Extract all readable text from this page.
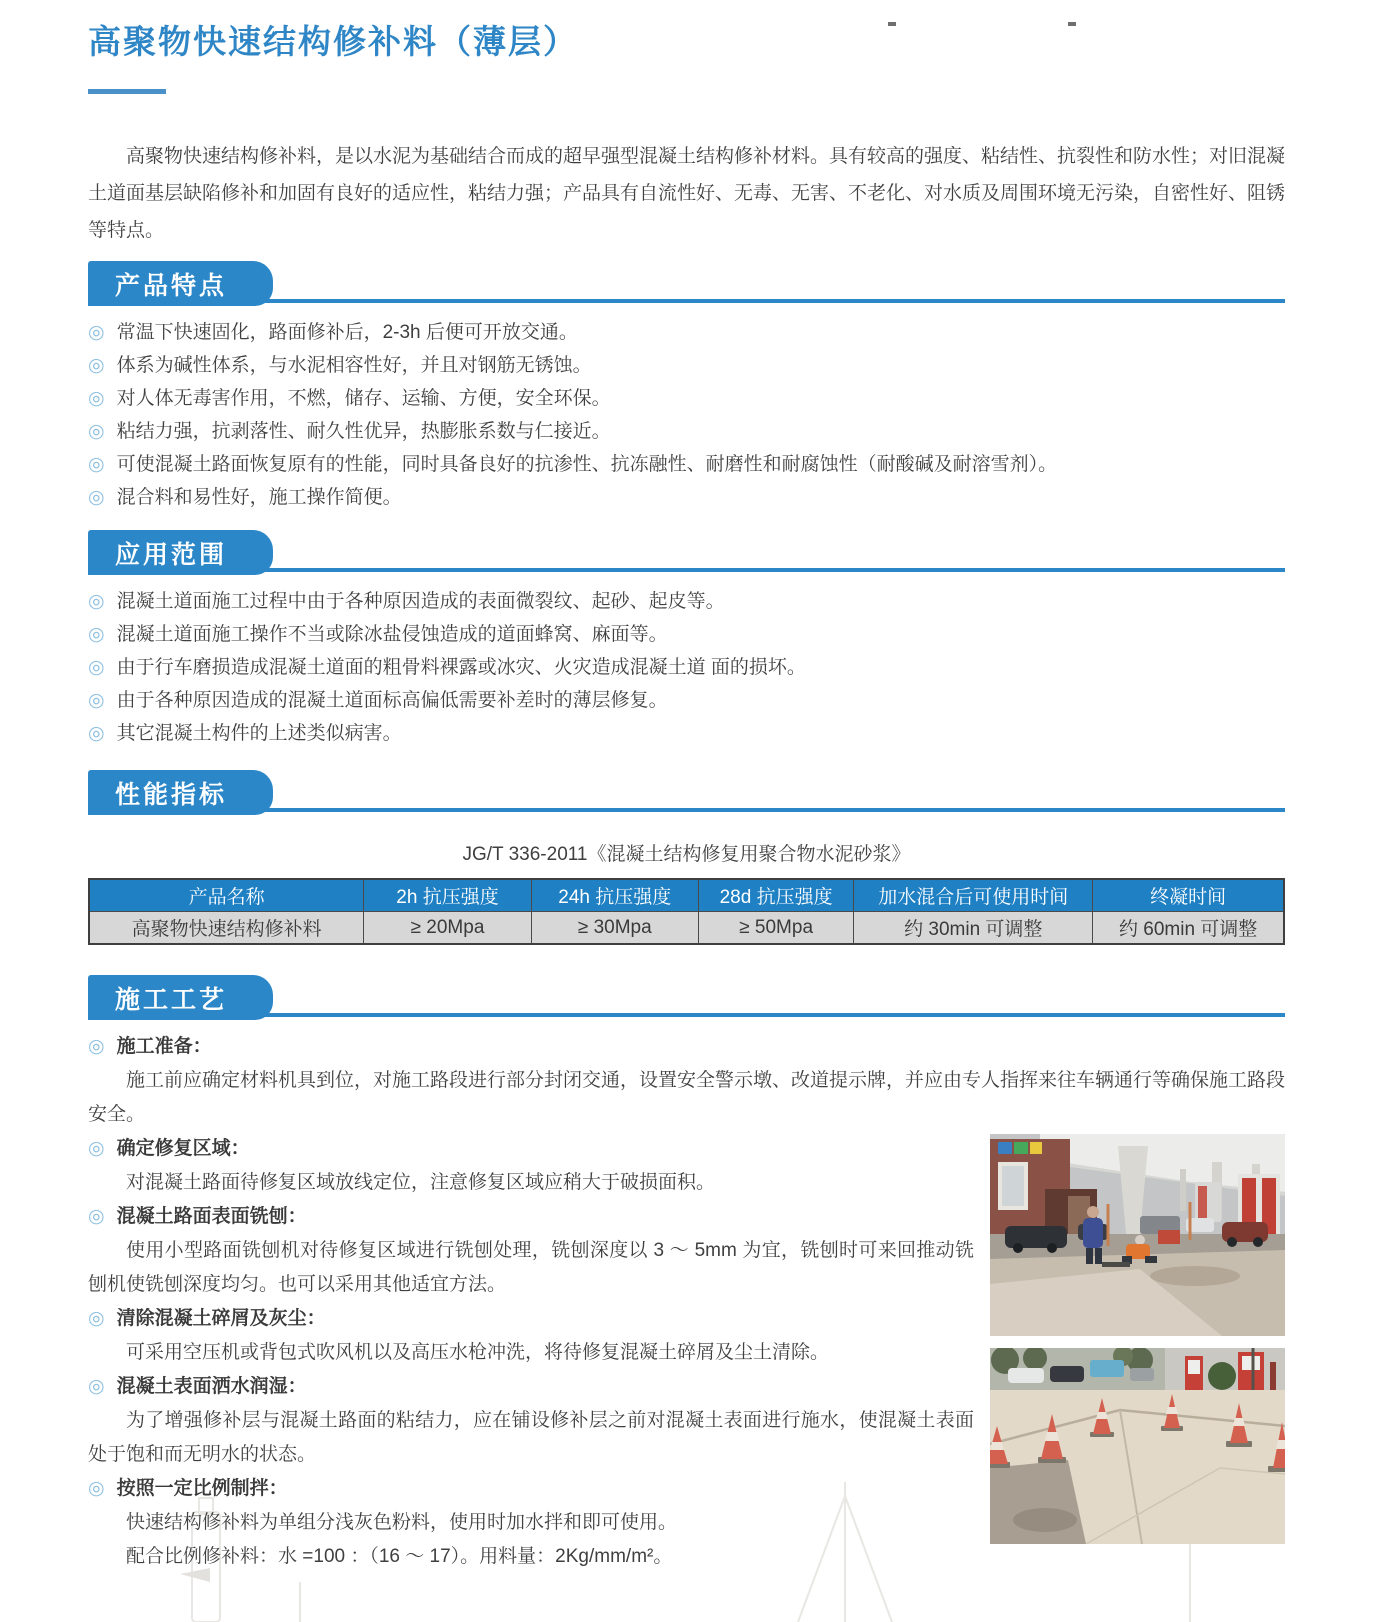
高聚物快速结构修补料（薄层）

高聚物快速结构修补料，是以水泥为基础结合而成的超早强型混凝土结构修补材料。具有较高的强度、粘结性、抗裂性和防水性；对旧混凝土道面基层缺陷修补和加固有良好的适应性，粘结力强；产品具有自流性好、无毒、无害、不老化、对水质及周围环境无污染，自密性好、阻锈等特点。

产品特点
◎ 常温下快速固化，路面修补后，2-3h 后便可开放交通。
◎ 体系为碱性体系，与水泥相容性好，并且对钢筋无锈蚀。
◎ 对人体无毒害作用，不燃，储存、运输、方便，安全环保。
◎ 粘结力强，抗剥落性、耐久性优异，热膨胀系数与仁接近。
◎ 可使混凝土路面恢复原有的性能，同时具备良好的抗渗性、抗冻融性、耐磨性和耐腐蚀性（耐酸碱及耐溶雪剂）。
◎ 混合料和易性好，施工操作简便。
应用范围
◎ 混凝土道面施工过程中由于各种原因造成的表面微裂纹、起砂、起皮等。
◎ 混凝土道面施工操作不当或除冰盐侵蚀造成的道面蜂窝、麻面等。
◎ 由于行车磨损造成混凝土道面的粗骨料裸露或冰灾、火灾造成混凝土道 面的损坏。
◎ 由于各种原因造成的混凝土道面标高偏低需要补差时的薄层修复。
◎ 其它混凝土构件的上述类似病害。
性能指标
JG/T 336-2011《混凝土结构修复用聚合物水泥砂浆》
产品名称	2h 抗压强度	24h 抗压强度	28d 抗压强度	加水混合后可使用时间	终凝时间
高聚物快速结构修补料	≥ 20Mpa	≥ 30Mpa	≥ 50Mpa	约 30min 可调整	约 60min 可调整
施工工艺
◎ 施工准备：

施工前应确定材料机具到位，对施工路段进行部分封闭交通，设置安全警示墩、改道提示牌，并应由专人指挥来往车辆通行等确保施工路段安全。

◎ 确定修复区域：

对混凝土路面待修复区域放线定位，注意修复区域应稍大于破损面积。

◎ 混凝土路面表面铣刨：

使用小型路面铣刨机对待修复区域进行铣刨处理，铣刨深度以 3 ～ 5mm 为宜，铣刨时可来回推动铣刨机使铣刨深度均匀。也可以采用其他适宜方法。

◎ 清除混凝土碎屑及灰尘：

可采用空压机或背包式吹风机以及高压水枪冲洗，将待修复混凝土碎屑及尘土清除。

◎ 混凝土表面洒水润湿：

为了增强修补层与混凝土路面的粘结力，应在铺设修补层之前对混凝土表面进行施水，使混凝土表面处于饱和而无明水的状态。

◎ 按照一定比例制拌：

快速结构修补料为单组分浅灰色粉料，使用时加水拌和即可使用。

配合比例修补料：水 =100 ：（16 ～ 17）。用料量：2Kg/mm/m²。
